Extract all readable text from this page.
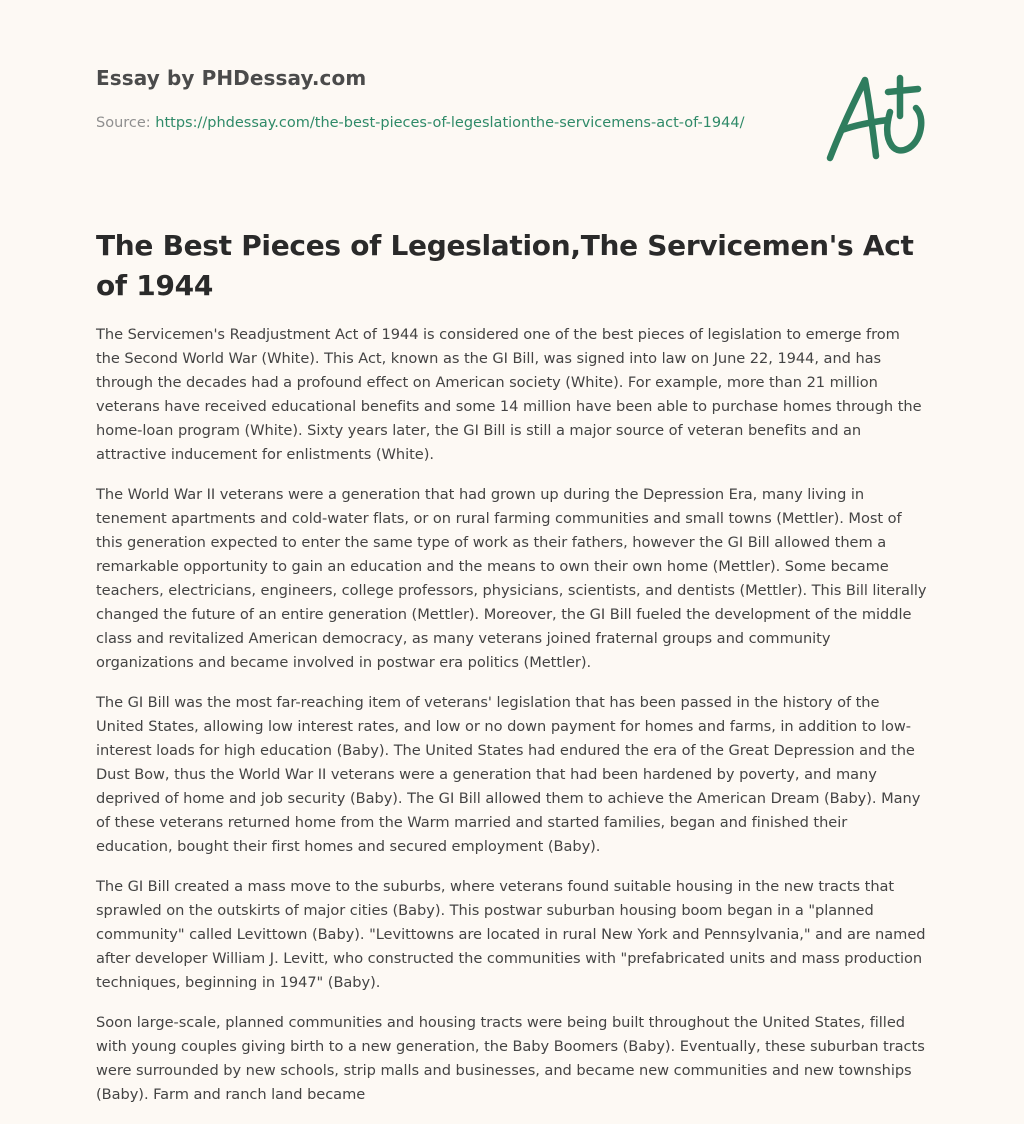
Essay by PHDessay.com
Source: https://phdessay.com/the-best-pieces-of-legeslationthe-servicemens-act-of-1944/
The Best Pieces of Legeslation,The Servicemen's Act of 1944

The Servicemen's Readjustment Act of 1944 is considered one of the best pieces of legislation to emerge from the Second World War (White). This Act, known as the GI Bill, was signed into law on June 22, 1944, and has through the decades had a profound effect on American society (White). For example, more than 21 million veterans have received educational benefits and some 14 million have been able to purchase homes through the home-loan program (White). Sixty years later, the GI Bill is still a major source of veteran benefits and an attractive inducement for enlistments (White).

The World War II veterans were a generation that had grown up during the Depression Era, many living in tenement apartments and cold-water flats, or on rural farming communities and small towns (Mettler). Most of this generation expected to enter the same type of work as their fathers, however the GI Bill allowed them a remarkable opportunity to gain an education and the means to own their own home (Mettler). Some became teachers, electricians, engineers, college professors, physicians, scientists, and dentists (Mettler). This Bill literally changed the future of an entire generation (Mettler). Moreover, the GI Bill fueled the development of the middle class and revitalized American democracy, as many veterans joined fraternal groups and community organizations and became involved in postwar era politics (Mettler).

The GI Bill was the most far-reaching item of veterans' legislation that has been passed in the history of the United States, allowing low interest rates, and low or no down payment for homes and farms, in addition to low-interest loads for high education (Baby). The United States had endured the era of the Great Depression and the Dust Bow, thus the World War II veterans were a generation that had been hardened by poverty, and many deprived of home and job security (Baby). The GI Bill allowed them to achieve the American Dream (Baby). Many of these veterans returned home from the Warm married and started families, began and finished their education, bought their first homes and secured employment (Baby).

The GI Bill created a mass move to the suburbs, where veterans found suitable housing in the new tracts that sprawled on the outskirts of major cities (Baby). This postwar suburban housing boom began in a "planned community" called Levittown (Baby). "Levittowns are located in rural New York and Pennsylvania," and are named after developer William J. Levitt, who constructed the communities with "prefabricated units and mass production techniques, beginning in 1947" (Baby).

Soon large-scale, planned communities and housing tracts were being built throughout the United States, filled with young couples giving birth to a new generation, the Baby Boomers (Baby). Eventually, these suburban tracts were surrounded by new schools, strip malls and businesses, and became new communities and new townships (Baby). Farm and ranch land became
